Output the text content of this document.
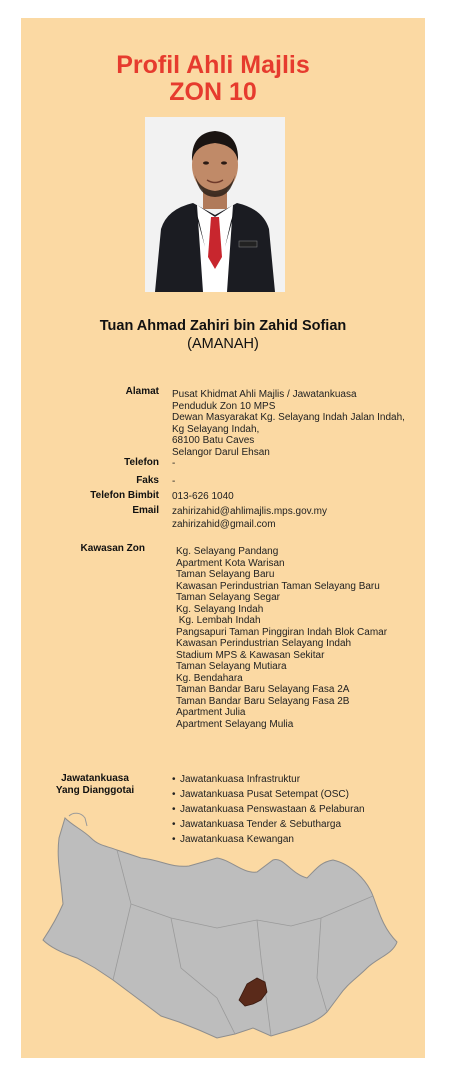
Profil Ahli Majlis
ZON 10
Tuan Ahmad Zahiri bin Zahid Sofian
(AMANAH)
Alamat Pusat Khidmat Ahli Majlis / Jawatankuasa
Penduduk Zon 10 MPS
Dewan Masyarakat Kg. Selayang Indah Jalan Indah,
Kg Selayang Indah,
68100 Batu Caves
Selangor Darul Ehsan
Telefon -
Faks -
Telefon Bimbit 013-626 1040
Email zahirizahid@ahlimajlis.mps.gov.my
zahirizahid@gmail.com
Kawasan Zon	Kg. Selayang Pandang
Apartment Kota Warisan
Taman Selayang Baru
Kawasan Perindustrian Taman Selayang Baru
Taman Selayang Segar
Kg. Selayang Indah
Kg. Lembah Indah
Pangsapuri Taman Pinggiran Indah Blok Camar
Kawasan Perindustrian Selayang Indah
Stadium MPS & Kawasan Sekitar
Taman Selayang Mutiara
Kg. Bendahara
Taman Bandar Baru Selayang Fasa 2A
Taman Bandar Baru Selayang Fasa 2B
Apartment Julia
Apartment Selayang Mulia
Jawatankuasa
Yang Dianggotai
• Jawatankuasa Infrastruktur
• Jawatankuasa Pusat Setempat (OSC)
• Jawatankuasa Penswastaan & Pelaburan
• Jawatankuasa Tender & Sebutharga
• Jawatankuasa Kewangan
